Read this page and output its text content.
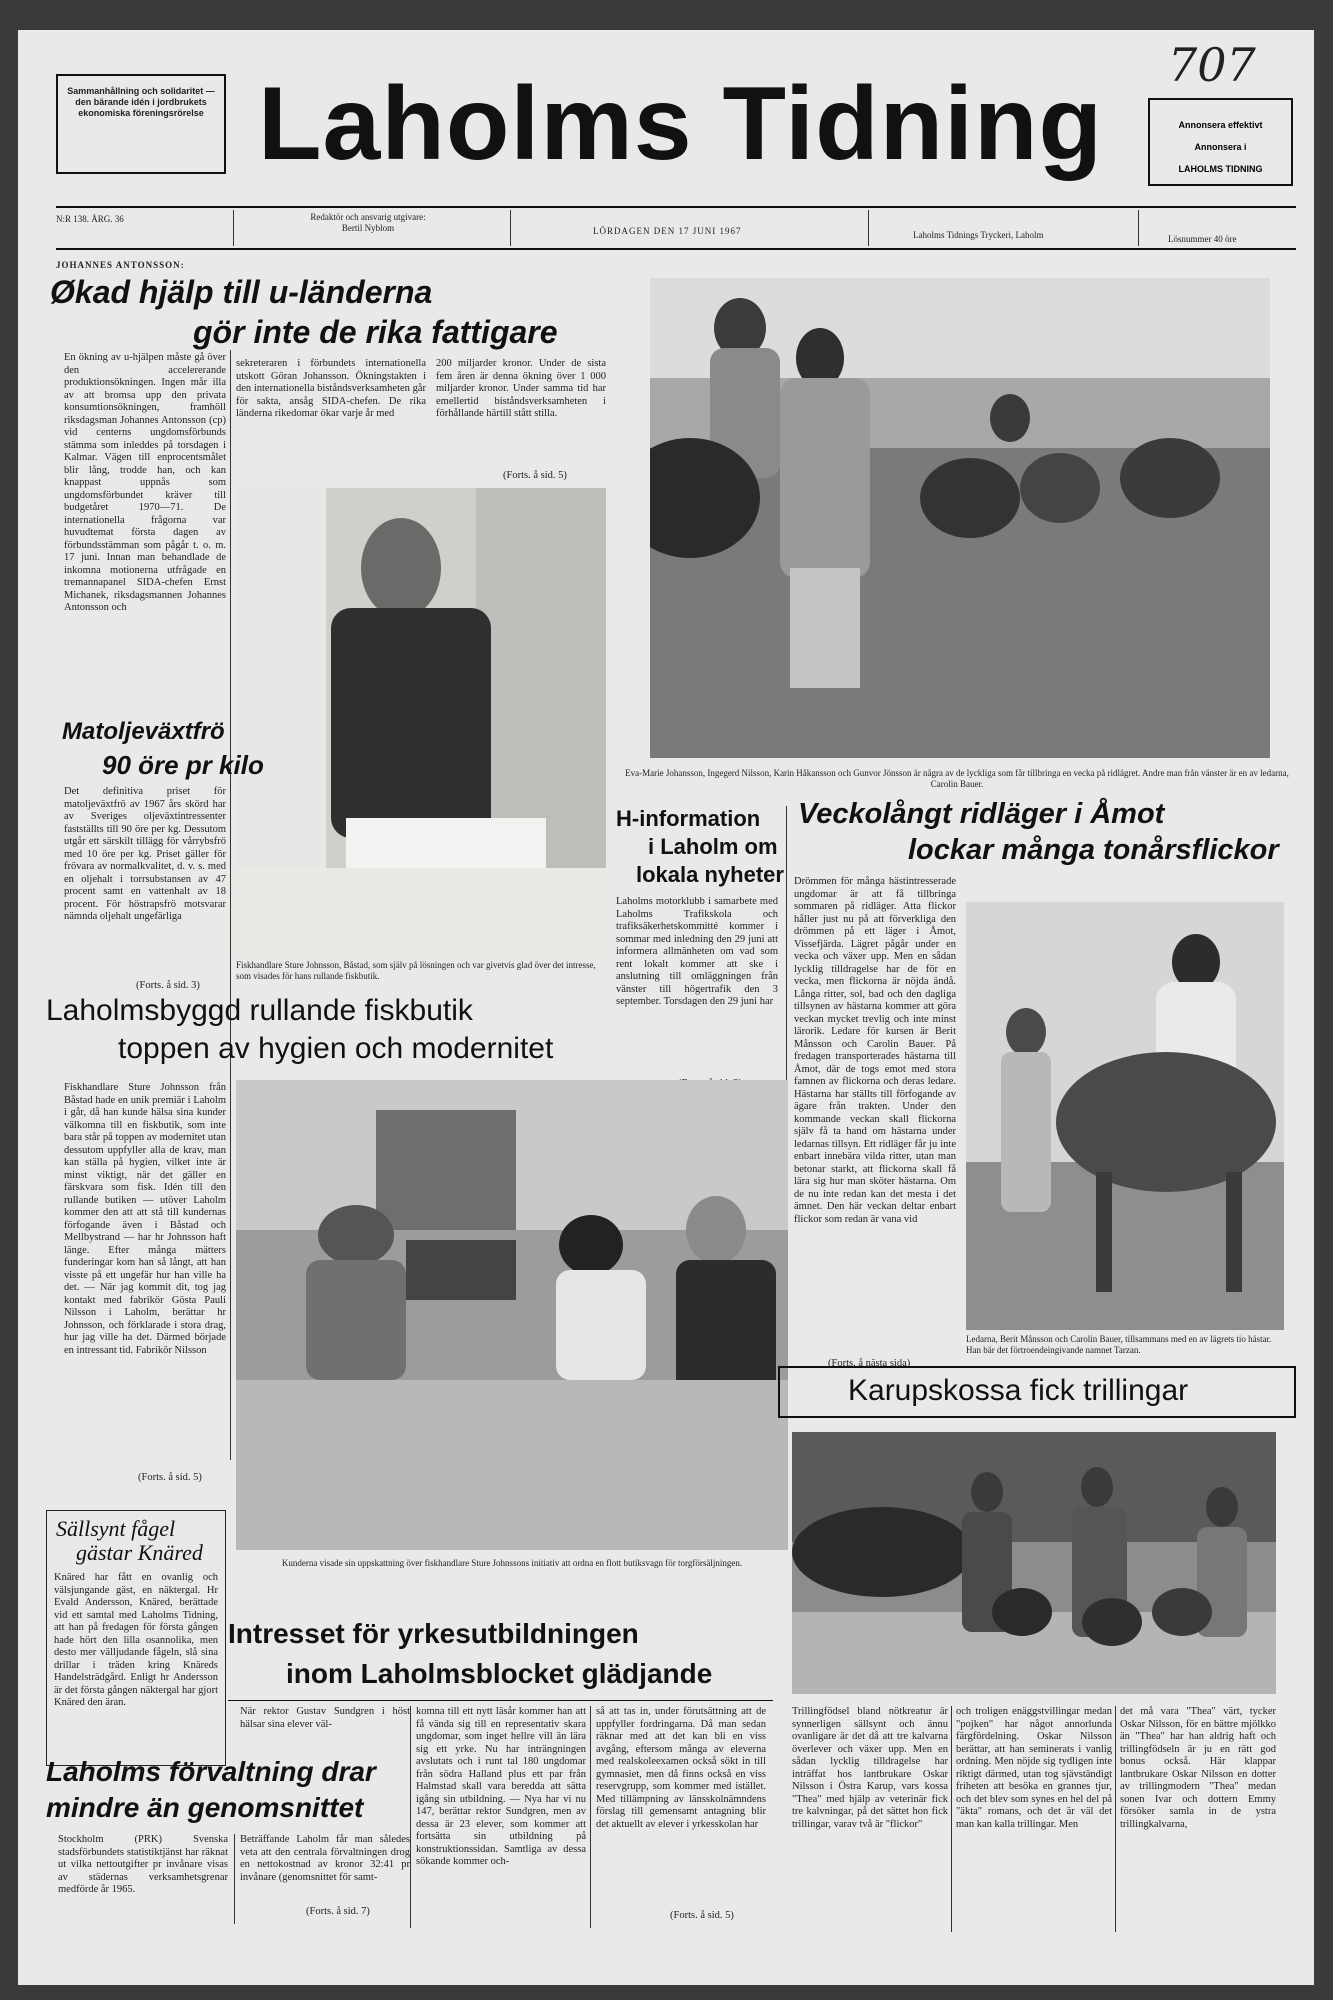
707
Sammanhållning och solidaritet — den bärande idén i jordbrukets ekonomiska föreningsrörelse Laholms Tidning	Annonsera effektivt
Annonsera i
LAHOLMS TIDNING
N:R 138. ÅRG. 36	Redaktör och ansvarig utgivare:
Bertil Nyblom	LÖRDAGEN DEN 17 JUNI 1967	Laholms Tidnings Tryckeri, Laholm	Lösnummer 40 öre
JOHANNES ANTONSSON:
Økad hjälp till u-länderna
gör inte de rika fattigare
En ökning av u-hjälpen måste gå över den accelererande produktionsökningen. Ingen mår illa av att bromsa upp den privata konsumtionsökningen, framhöll riksdagsman Johannes Antonsson (cp) vid centerns ungdomsförbunds stämma som inleddes på torsdagen i Kalmar. Vägen till enprocentsmålet blir lång, trodde han, och kan knappast uppnås som ungdomsförbundet kräver till budgetåret 1970—71. De internationella frågorna var huvudtemat första dagen av förbundsstämman som pågår t. o. m. 17 juni. Innan man behandlade de inkomna motionerna utfrågade en tremannapanel SIDA-chefen Ernst Michanek, riksdagsmannen Johannes Antonsson och
sekreteraren i förbundets internationella utskott Göran Johansson. Ökningstakten i den internationella biståndsverksamheten går för sakta, ansåg SIDA-chefen. De rika länderna rikedomar ökar varje år med
200 miljarder kronor. Under de sista fem åren är denna ökning över 1 000 miljarder kronor. Under samma tid har emellertid biståndsverksamheten i förhållande härtill stått stilla.
(Forts. å sid. 5)
Fiskhandlare Sture Johnsson, Båstad, som själv på lösningen och var givetvis glad över det intresse, som visades för hans rullande fiskbutik.
Matoljeväxtfrö
90 öre pr kilo
Det definitiva priset för matoljeväxtfrö av 1967 års skörd har av Sveriges oljeväxtintressenter fastställts till 90 öre per kg. Dessutom utgår ett särskilt tillägg för vårrybsfrö med 10 öre per kg. Priset gäller för frövara av normalkvalitet, d. v. s. med en oljehalt i torrsubstansen av 47 procent samt en vattenhalt av 18 procent. För höstrapsfrö motsvarar nämnda oljehalt ungefärliga
(Forts. å sid. 3)
Eva-Marie Johansson, Ingegerd Nilsson, Karin Håkansson och Gunvor Jönsson är några av de lyckliga som får tillbringa en vecka på ridlägret. Andre man från vänster är en av ledarna, Carolin Bauer.
H-information
i Laholm om
lokala nyheter
Laholms motorklubb i samarbete med Laholms Trafikskola och trafiksäkerhetskommitté kommer i sommar med inledning den 29 juni att informera allmänheten om vad som rent lokalt kommer att ske i anslutning till omläggningen från vänster till högertrafik den 3 september. Torsdagen den 29 juni har
Veckolångt ridläger i Åmot
lockar många tonårsflickor
Drömmen för många hästintresserade ungdomar är att få tillbringa sommaren på ridläger. Atta flickor håller just nu på att förverkliga den drömmen på ett läger i Åmot, Vissefjärda. Lägret pågår under en vecka och växer upp. Men en sådan lycklig tilldragelse har de för en vecka, men flickorna är nöjda ändå. Långa ritter, sol, bad och den dagliga tillsynen av hästarna kommer att göra veckan mycket trevlig och inte minst lärorik. Ledare för kursen är Berit Månsson och Carolin Bauer. På fredagen transporterades hästarna till Åmot, där de togs emot med stora famnen av flickorna och deras ledare. Hästarna har ställts till förfogande av ägare från trakten. Under den kommande veckan skall flickorna själv få ta hand om hästarna under ledarnas tillsyn. Ett ridläger får ju inte enbart innebära vilda ritter, utan man betonar starkt, att flickorna skall få lära sig hur man sköter hästarna. Om de nu inte redan kan det mesta i det ämnet. Den här veckan deltar enbart flickor som redan är vana vid
(Forts. å nästa sida)
Ledarna, Berit Månsson och Carolin Bauer, tillsammans med en av lägrets tio hästar. Han bär det förtroendeingivande namnet Tarzan.
Laholmsbyggd rullande fiskbutik
toppen av hygien och modernitet
Fiskhandlare Sture Johnsson från Båstad hade en unik premiär i Laholm i går, då han kunde hälsa sina kunder välkomna till en fiskbutik, som inte bara står på toppen av modernitet utan dessutom uppfyller alla de krav, man kan ställa på hygien, vilket inte är minst viktigt, när det gäller en färskvara som fisk. Idén till den rullande butiken — utöver Laholm kommer den att att stå till kundernas förfogande även i Båstad och Mellbystrand — har hr Johnsson haft länge. Efter många mätters funderingar kom han så långt, att han visste på ett ungefär hur han ville ha det. — När jag kommit dit, tog jag kontakt med fabrikör Gösta Pauli Nilsson i Laholm, berättar hr Johnsson, och förklarade i stora drag, hur jag ville ha det. Därmed började en intressant tid. Fabrikör Nilsson
(Forts. å sid. 5)
Kunderna visade sin uppskattning över fiskhandlare Sture Johnssons initiativ att ordna en flott butiksvagn för torgförsäljningen.
Sällsynt fågel
gästar Knäred
Knäred har fått en ovanlig och välsjungande gäst, en näktergal. Hr Evald Andersson, Knäred, berättade vid ett samtal med Laholms Tidning, att han på fredagen för första gången hade hört den lilla osannolika, men desto mer välljudande fågeln, slå sina drillar i träden kring Knäreds Handelsträdgård. Enligt hr Andersson är det första gången näktergal har gjort Knäred den äran.
Intresset för yrkesutbildningen
inom Laholmsblocket glädjande
När rektor Gustav Sundgren i höst hälsar sina elever väl-
komna till ett nytt läsår kommer han att få vända sig till en representativ skara ungdomar, som inget hellre vill än lära sig ett yrke. Nu har inträngningen avslutats och i runt tal 180 ungdomar från södra Halland plus ett par från Halmstad skall vara beredda att sätta igång sin utbildning. — Nya har vi nu 147, berättar rektor Sundgren, men av dessa är 23 elever, som kommer att fortsätta sin utbildning på konstruktionssidan. Samtliga av dessa sökande kommer och-
så att tas in, under förutsättning att de uppfyller fordringarna. Då man sedan räknar med att det kan bli en viss avgång, eftersom många av eleverna med realskoleexamen också sökt in till gymnasiet, men då finns också en viss reservgrupp, som kommer med istället. Med tillämpning av länsskolnämndens förslag till gemensamt antagning blir det aktuellt av elever i yrkesskolan har
(Forts. å sid. 5)
Laholms förvaltning drar
mindre än genomsnittet
Stockholm (PRK) Svenska stadsförbundets statistiktjänst har räknat ut vilka nettoutgifter pr invånare visas av städernas verksamhetsgrenar medförde år 1965.
Beträffande Laholm får man således veta att den centrala förvaltningen drog en nettokostnad av kronor 32:41 pr invånare (genomsnittet för samt-
(Forts. å sid. 7)
Karupskossa fick trillingar
Trillingfödsel bland nötkreatur är synnerligen sällsynt och ännu ovanligare är det då att tre kalvarna överlever och växer upp. Men en sådan lycklig tilldragelse har inträffat hos lantbrukare Oskar Nilsson i Östra Karup, vars kossa "Thea" med hjälp av veterinär fick tre kalvningar, på det sättet hon fick trillingar, varav två är "flickor"
och troligen enäggstvillingar medan "pojken" har något annorlunda färgfördelning. Oskar Nilsson berättar, att han seminerats i vanlig ordning. Men nöjde sig tydligen inte riktigt därmed, utan tog sjävständigt friheten att besöka en grannes tjur, och det blev som synes en hel del på "äkta" romans, och det är väl det man kan kalla trillingar. Men
det må vara "Thea" värt, tycker Oskar Nilsson, för en bättre mjölkko än "Thea" har han aldrig haft och trillingfödseln är ju en rätt god bonus också. Här klappar lantbrukare Oskar Nilsson en dotter av trillingmodern "Thea" medan sonen Ivar och dottern Emmy försöker samla in de ystra trillingkalvarna,
